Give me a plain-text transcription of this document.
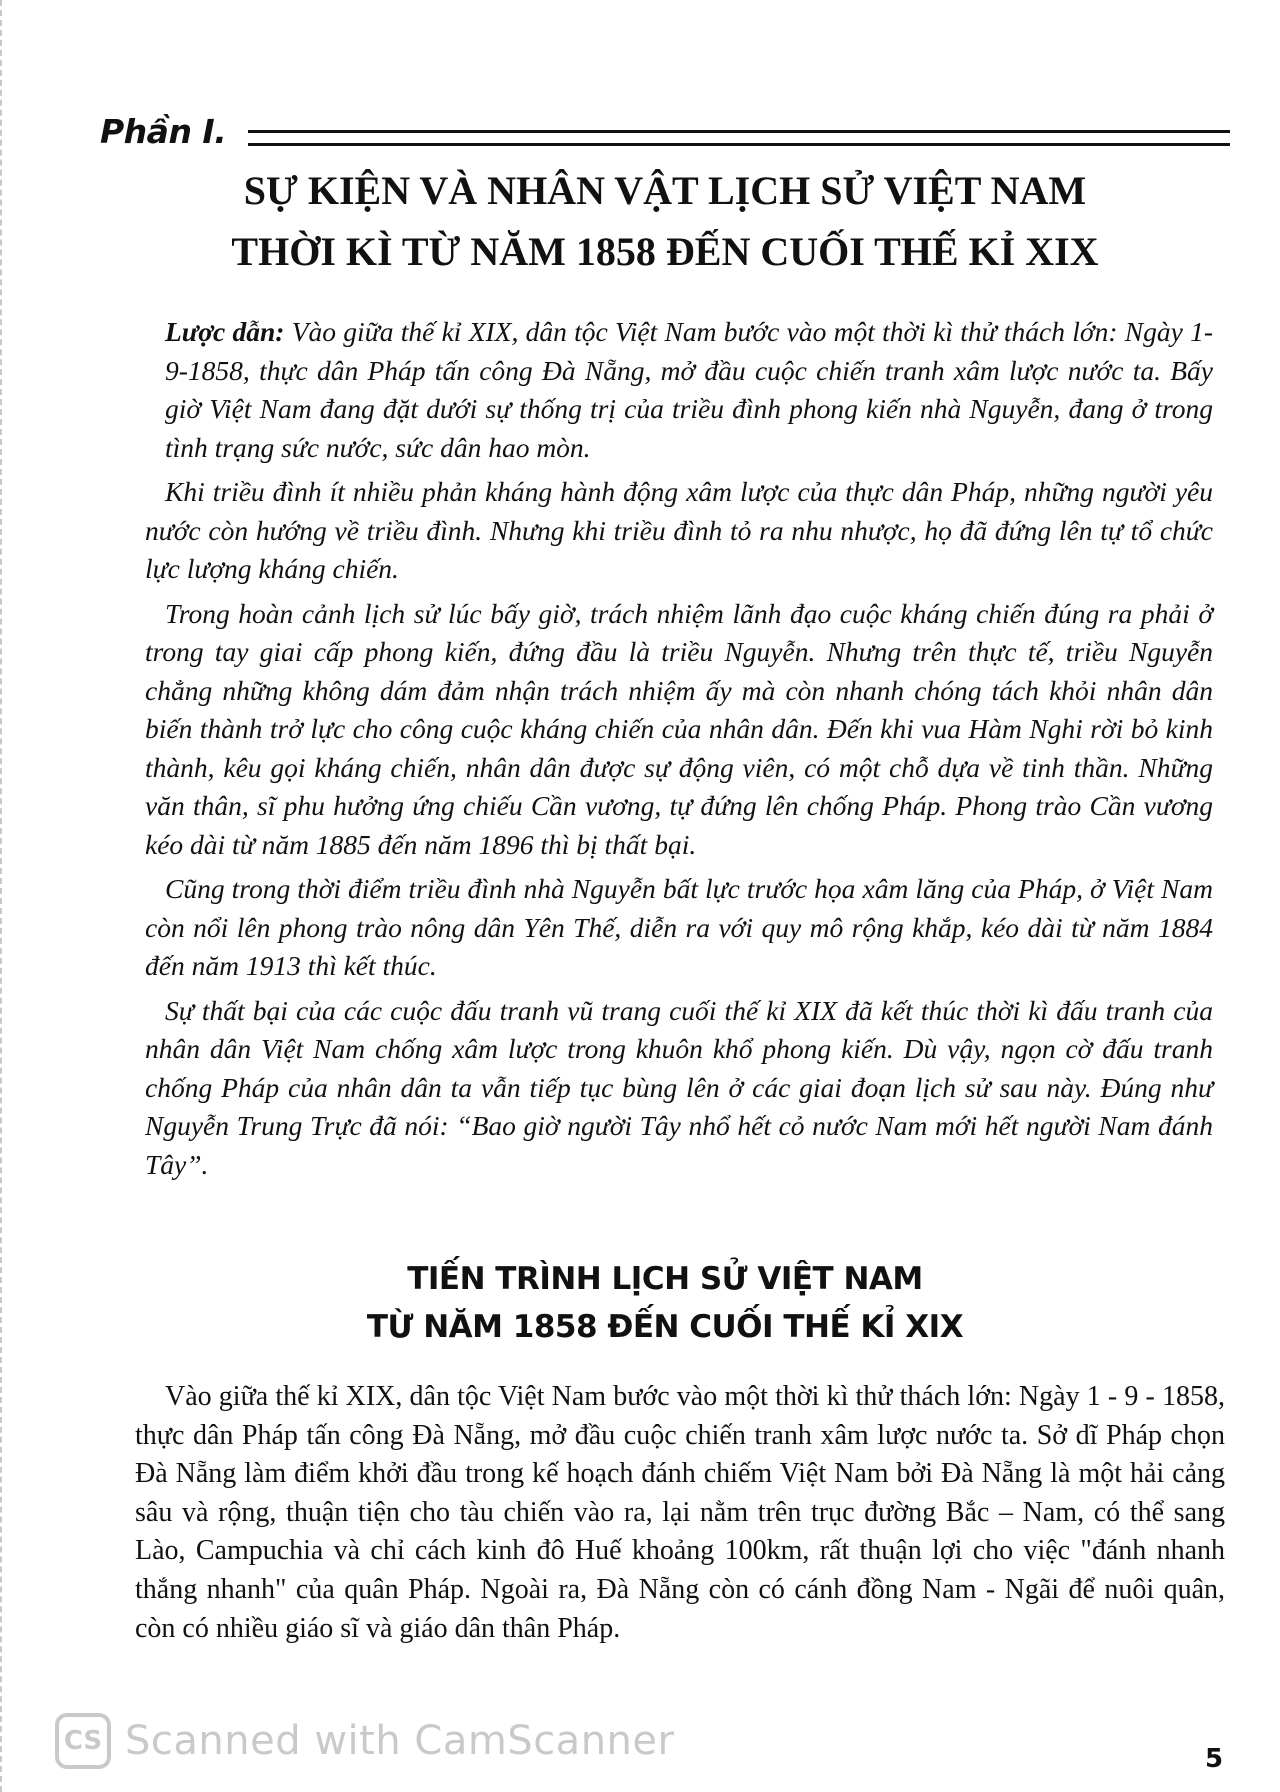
Phần I.
SỰ KIỆN VÀ NHÂN VẬT LỊCH SỬ VIỆT NAM
THỜI KÌ TỪ NĂM 1858 ĐẾN CUỐI THẾ KỈ XIX

Lược dẫn: Vào giữa thế kỉ XIX, dân tộc Việt Nam bước vào một thời kì thử thách lớn: Ngày 1-9-1858, thực dân Pháp tấn công Đà Nẵng, mở đầu cuộc chiến tranh xâm lược nước ta. Bấy giờ Việt Nam đang đặt dưới sự thống trị của triều đình phong kiến nhà Nguyễn, đang ở trong tình trạng sức nước, sức dân hao mòn.

Khi triều đình ít nhiều phản kháng hành động xâm lược của thực dân Pháp, những người yêu nước còn hướng về triều đình. Nhưng khi triều đình tỏ ra nhu nhược, họ đã đứng lên tự tổ chức lực lượng kháng chiến.

Trong hoàn cảnh lịch sử lúc bấy giờ, trách nhiệm lãnh đạo cuộc kháng chiến đúng ra phải ở trong tay giai cấp phong kiến, đứng đầu là triều Nguyễn. Nhưng trên thực tế, triều Nguyễn chẳng những không dám đảm nhận trách nhiệm ấy mà còn nhanh chóng tách khỏi nhân dân biến thành trở lực cho công cuộc kháng chiến của nhân dân. Đến khi vua Hàm Nghi rời bỏ kinh thành, kêu gọi kháng chiến, nhân dân được sự động viên, có một chỗ dựa về tinh thần. Những văn thân, sĩ phu hưởng ứng chiếu Cần vương, tự đứng lên chống Pháp. Phong trào Cần vương kéo dài từ năm 1885 đến năm 1896 thì bị thất bại.

Cũng trong thời điểm triều đình nhà Nguyễn bất lực trước họa xâm lăng của Pháp, ở Việt Nam còn nổi lên phong trào nông dân Yên Thế, diễn ra với quy mô rộng khắp, kéo dài từ năm 1884 đến năm 1913 thì kết thúc.

Sự thất bại của các cuộc đấu tranh vũ trang cuối thế kỉ XIX đã kết thúc thời kì đấu tranh của nhân dân Việt Nam chống xâm lược trong khuôn khổ phong kiến. Dù vậy, ngọn cờ đấu tranh chống Pháp của nhân dân ta vẫn tiếp tục bùng lên ở các giai đoạn lịch sử sau này. Đúng như Nguyễn Trung Trực đã nói: “Bao giờ người Tây nhổ hết cỏ nước Nam mới hết người Nam đánh Tây”.

TIẾN TRÌNH LỊCH SỬ VIỆT NAM
TỪ NĂM 1858 ĐẾN CUỐI THẾ KỈ XIX

Vào giữa thế kỉ XIX, dân tộc Việt Nam bước vào một thời kì thử thách lớn: Ngày 1 - 9 - 1858, thực dân Pháp tấn công Đà Nẵng, mở đầu cuộc chiến tranh xâm lược nước ta. Sở dĩ Pháp chọn Đà Nẵng làm điểm khởi đầu trong kế hoạch đánh chiếm Việt Nam bởi Đà Nẵng là một hải cảng sâu và rộng, thuận tiện cho tàu chiến vào ra, lại nằm trên trục đường Bắc – Nam, có thể sang Lào, Campuchia và chỉ cách kinh đô Huế khoảng 100km, rất thuận lợi cho việc "đánh nhanh thắng nhanh" của quân Pháp. Ngoài ra, Đà Nẵng còn có cánh đồng Nam - Ngãi để nuôi quân, còn có nhiều giáo sĩ và giáo dân thân Pháp.

CS Scanned with CamScanner	5
